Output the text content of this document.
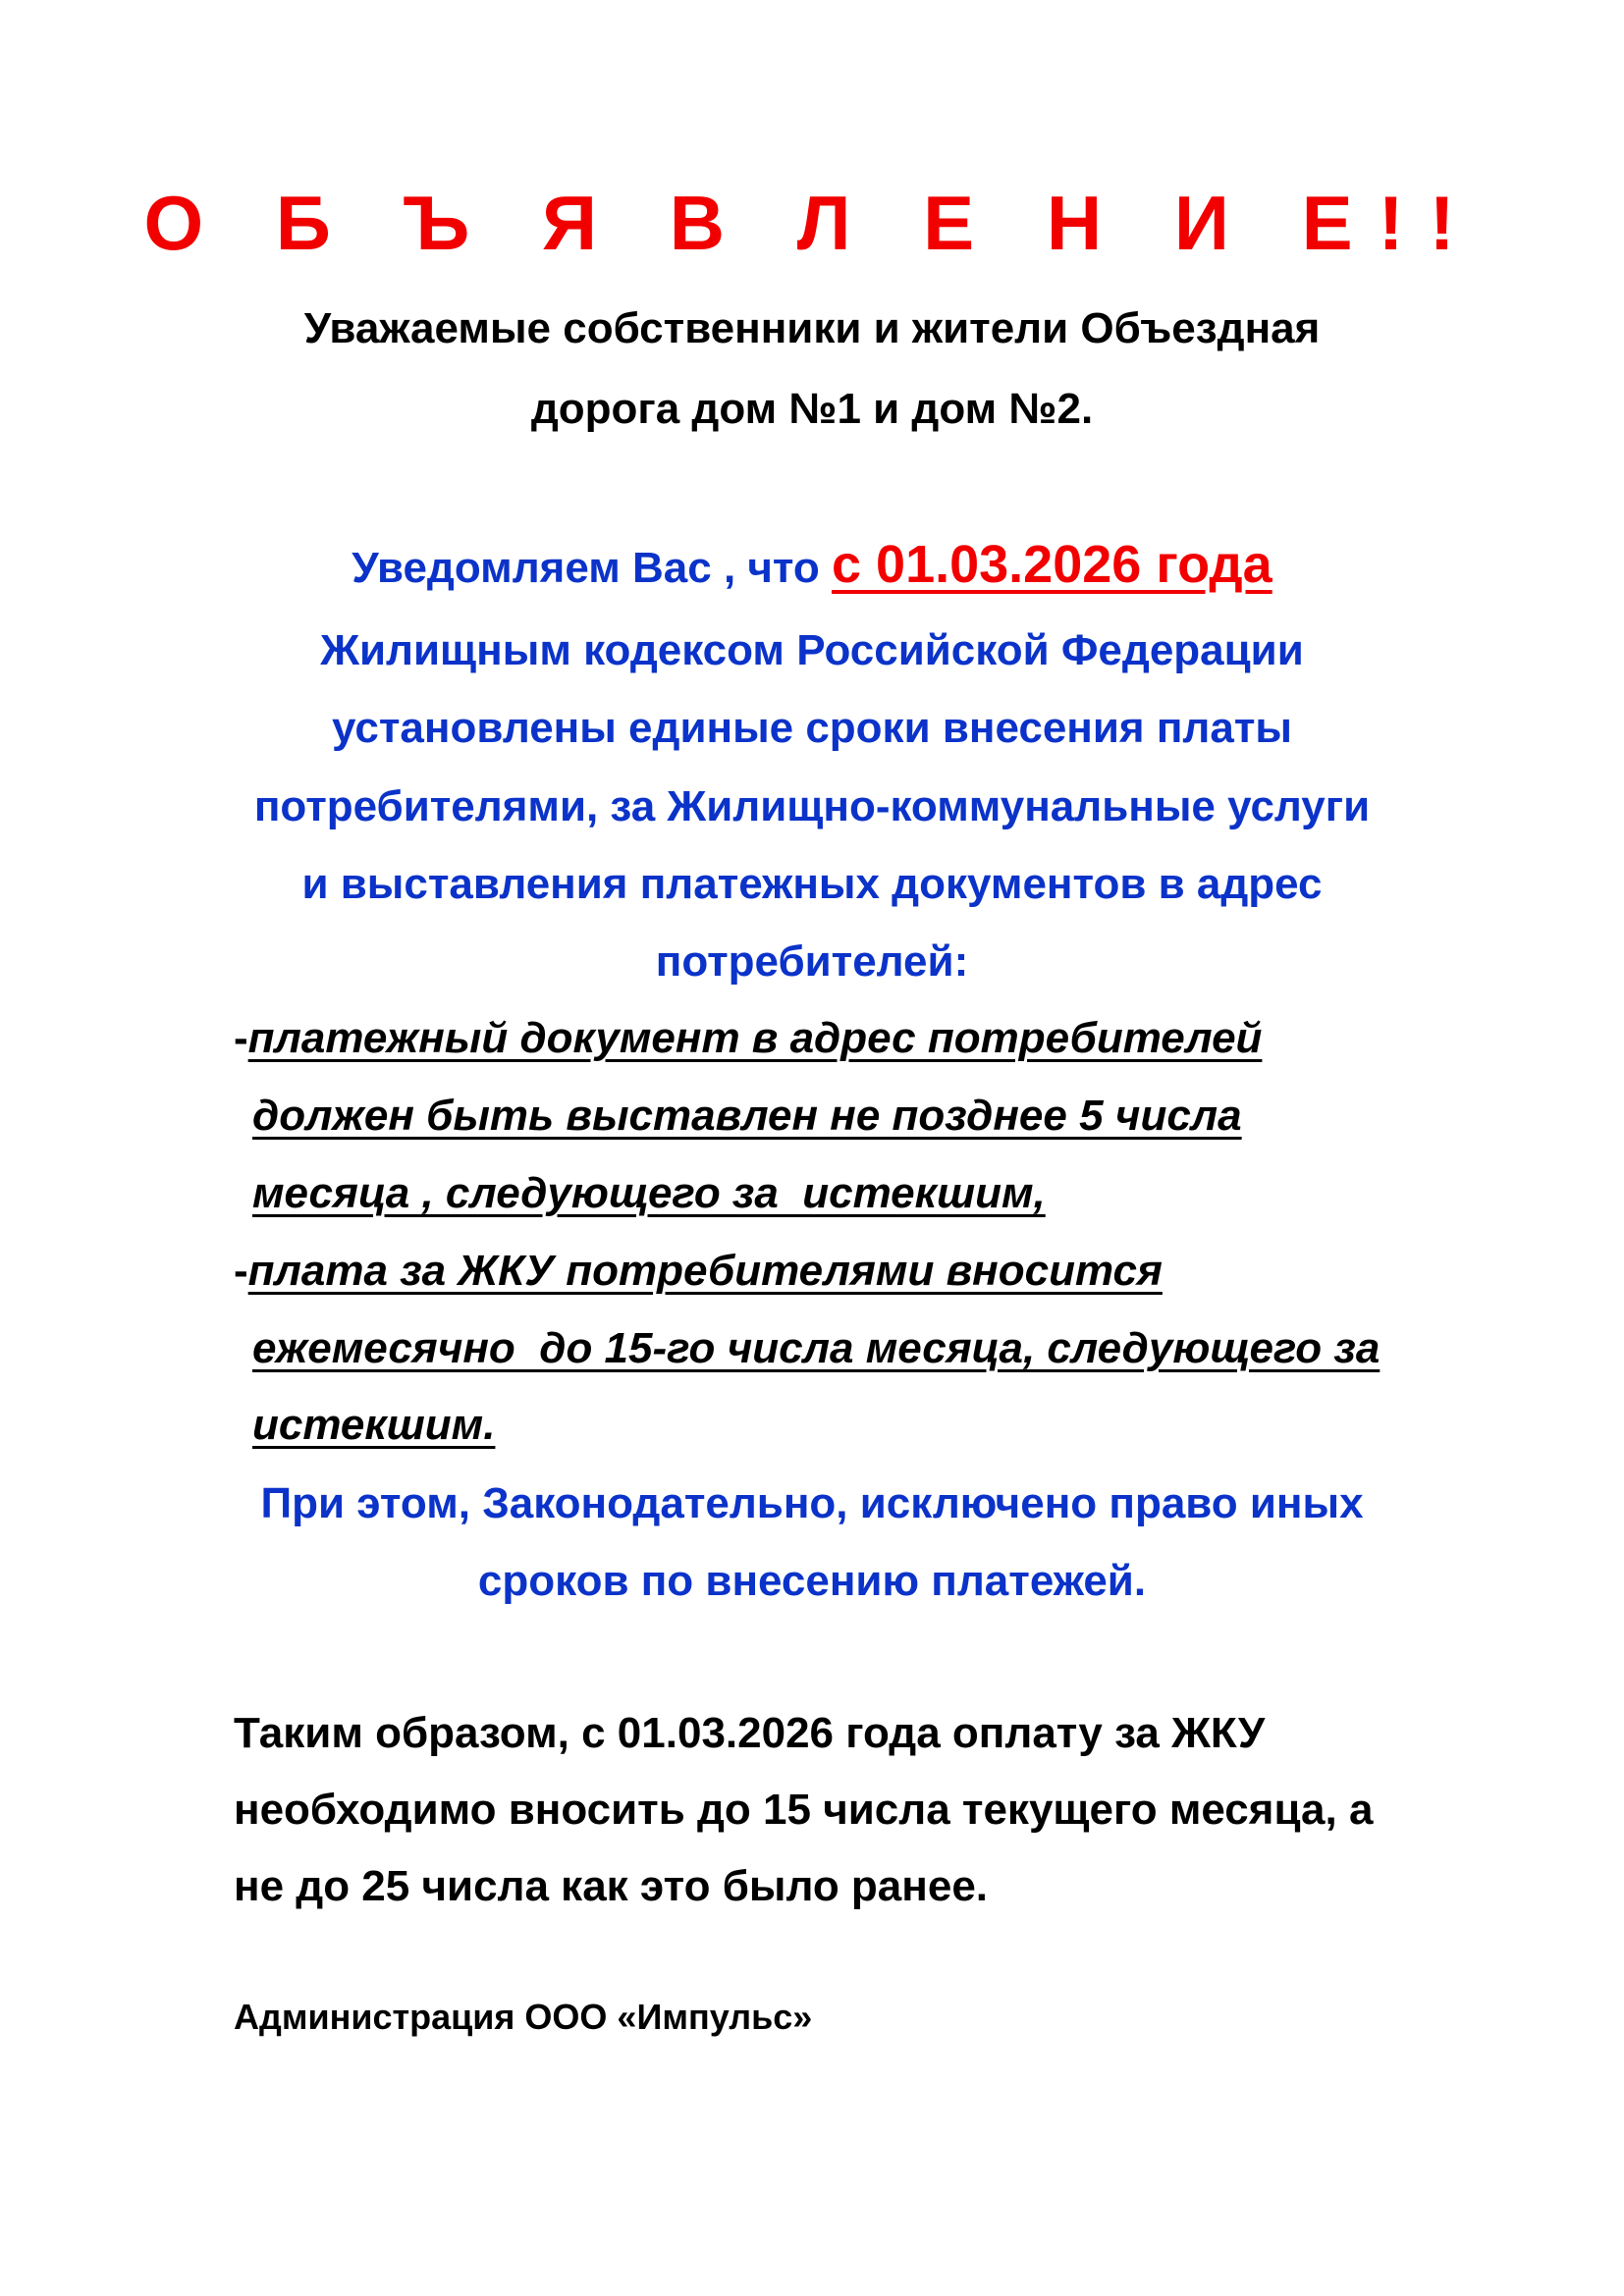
О Б Ъ Я В Л Е Н И Е!!
Уважаемые собственники и жители Объездная
дорога дом №1 и дом №2.
Уведомляем Вас , что с 01.03.2026 года
Жилищным кодексом Российской Федерации
установлены единые сроки внесения платы
потребителями, за Жилищно-коммунальные услуги
и выставления платежных документов в адрес
потребителей:
-платежный документ в адрес потребителей
должен быть выставлен не позднее 5 числа
месяца , следующего за  истекшим,
-плата за ЖКУ потребителями вносится
ежемесячно  до 15-го числа месяца, следующего за
истекшим.
При этом, Законодательно, исключено право иных
сроков по внесению платежей.
Таким образом, с 01.03.2026 года оплату за ЖКУ
необходимо вносить до 15 числа текущего месяца, а
не до 25 числа как это было ранее.
Администрация ООО «Импульс»
